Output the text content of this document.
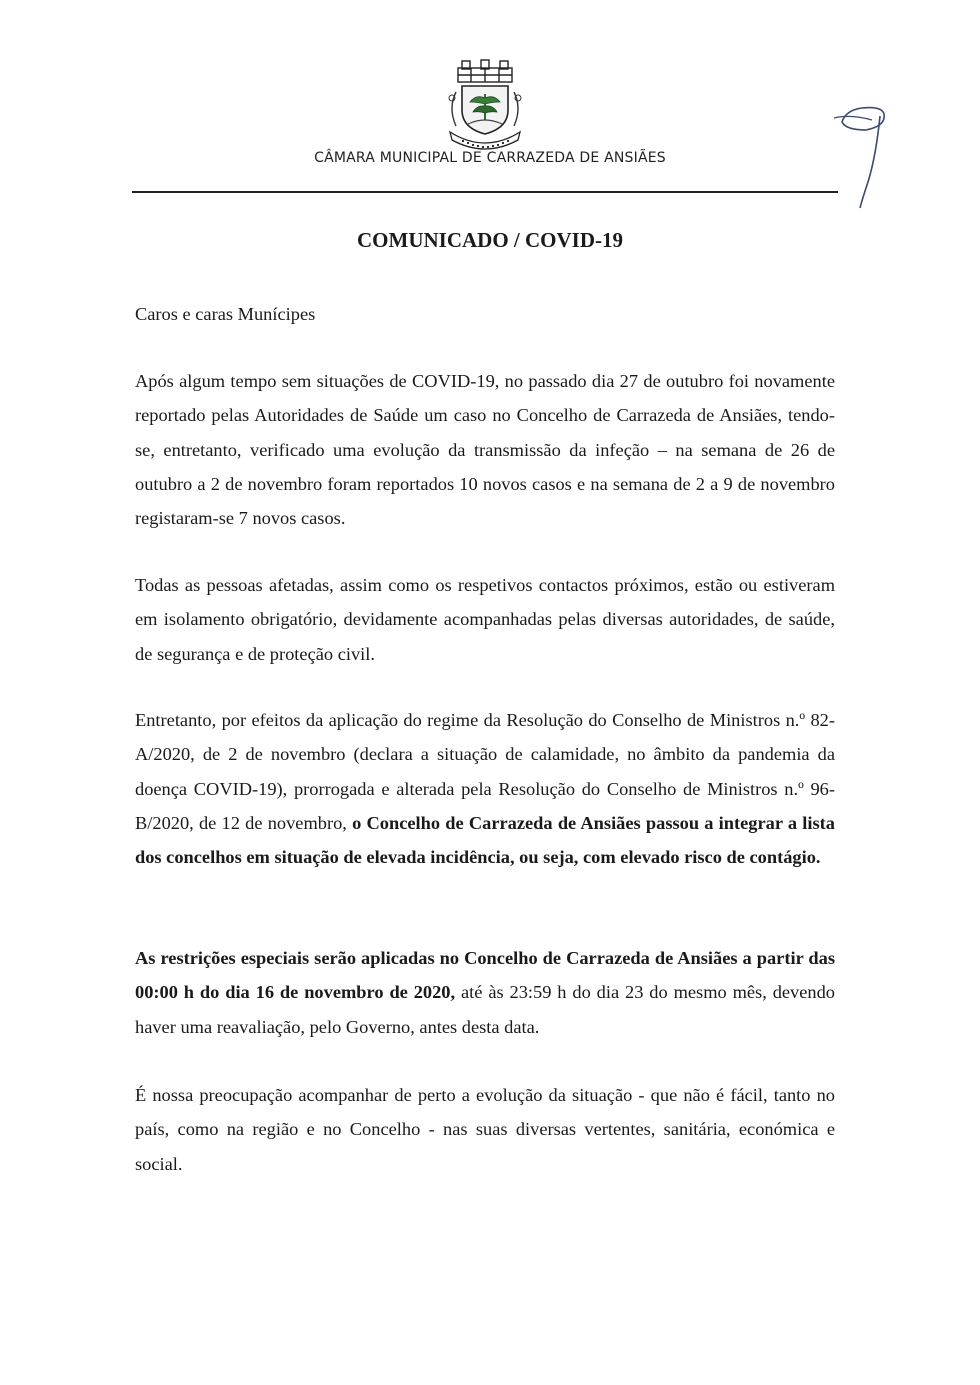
CÂMARA MUNICIPAL DE CARRAZEDA DE ANSIÃES
COMUNICADO / COVID-19
Caros e caras Munícipes
Após algum tempo sem situações de COVID-19, no passado dia 27 de outubro foi novamente reportado pelas Autoridades de Saúde um caso no Concelho de Carrazeda de Ansiães, tendo-se, entretanto, verificado uma evolução da transmissão da infeção – na semana de 26 de outubro a 2 de novembro foram reportados 10 novos casos e na semana de 2 a 9 de novembro registaram-se 7 novos casos.
Todas as pessoas afetadas, assim como os respetivos contactos próximos, estão ou estiveram em isolamento obrigatório, devidamente acompanhadas pelas diversas autoridades, de saúde, de segurança e de proteção civil.
Entretanto, por efeitos da aplicação do regime da Resolução do Conselho de Ministros n.º 82-A/2020, de 2 de novembro (declara a situação de calamidade, no âmbito da pandemia da doença COVID-19), prorrogada e alterada pela Resolução do Conselho de Ministros n.º 96-B/2020, de 12 de novembro, o Concelho de Carrazeda de Ansiães passou a integrar a lista dos concelhos em situação de elevada incidência, ou seja, com elevado risco de contágio.
As restrições especiais serão aplicadas no Concelho de Carrazeda de Ansiães a partir das 00:00 h do dia 16 de novembro de 2020, até às 23:59 h do dia 23 do mesmo mês, devendo haver uma reavaliação, pelo Governo, antes desta data.
É nossa preocupação acompanhar de perto a evolução da situação - que não é fácil, tanto no país, como na região e no Concelho - nas suas diversas vertentes, sanitária, económica e social.
